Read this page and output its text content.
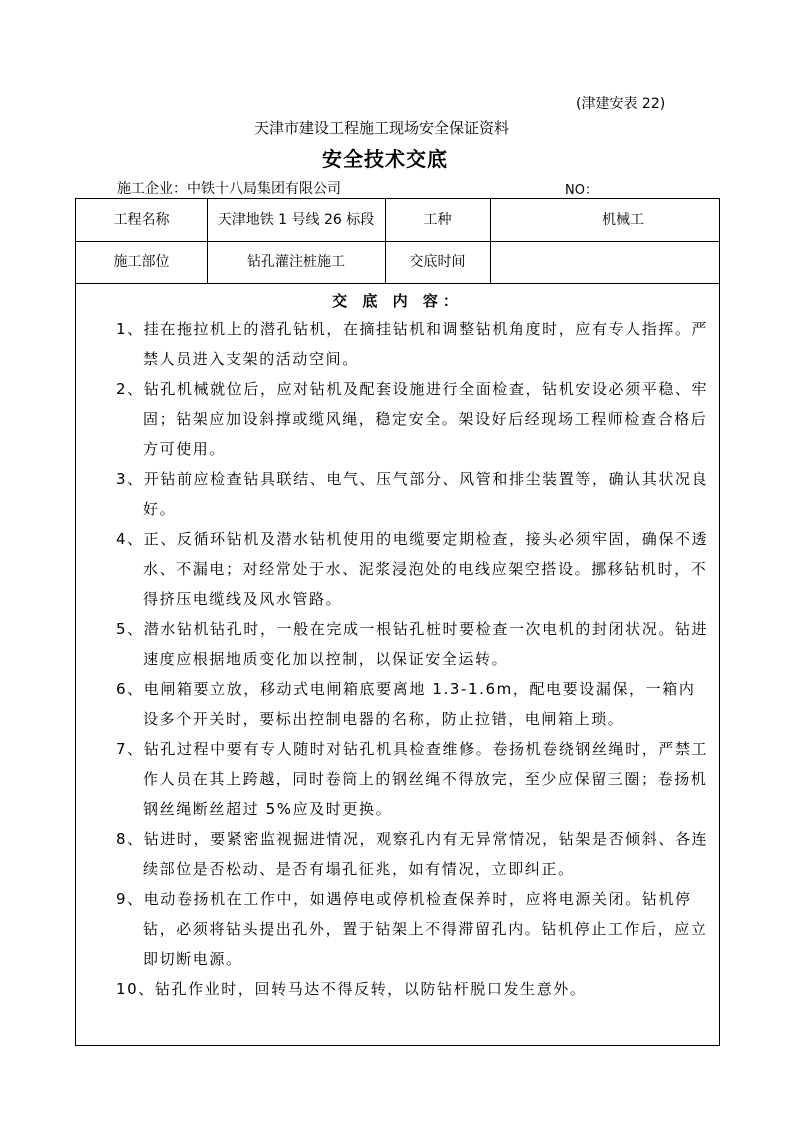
(津建安表 22)
天津市建设工程施工现场安全保证资料
安全技术交底
施工企业：中铁十八局集团有限公司	NO：
工程名称	天津地铁 1 号线 26 标段	工种	机械工
施工部位	钻孔灌注桩施工	交底时间
交 底 内 容：
1、挂在拖拉机上的潜孔钻机，在摘挂钻机和调整钻机角度时，应有专人指挥。严禁人员进入支架的活动空间。
2、钻孔机械就位后，应对钻机及配套设施进行全面检查，钻机安设必须平稳、牢固；钻架应加设斜撑或缆风绳，稳定安全。架设好后经现场工程师检查合格后方可使用。
3、开钻前应检查钻具联结、电气、压气部分、风管和排尘装置等，确认其状况良好。
4、正、反循环钻机及潜水钻机使用的电缆要定期检查，接头必须牢固，确保不透水、不漏电；对经常处于水、泥浆浸泡处的电线应架空搭设。挪移钻机时，不得挤压电缆线及风水管路。
5、潜水钻机钻孔时，一般在完成一根钻孔桩时要检查一次电机的封闭状况。钻进速度应根据地质变化加以控制，以保证安全运转。
6、电闸箱要立放，移动式电闸箱底要离地 1.3-1.6m，配电要设漏保，一箱内设多个开关时，要标出控制电器的名称，防止拉错，电闸箱上琐。
7、钻孔过程中要有专人随时对钻孔机具检查维修。卷扬机卷绕钢丝绳时，严禁工作人员在其上跨越，同时卷筒上的钢丝绳不得放完，至少应保留三圈；卷扬机钢丝绳断丝超过 5%应及时更换。
8、钻进时，要紧密监视掘进情况，观察孔内有无异常情况，钻架是否倾斜、各连续部位是否松动、是否有塌孔征兆，如有情况，立即纠正。
9、电动卷扬机在工作中，如遇停电或停机检查保养时，应将电源关闭。钻机停钻，必须将钻头提出孔外，置于钻架上不得滞留孔内。钻机停止工作后，应立即切断电源。
10、钻孔作业时，回转马达不得反转，以防钻杆脱口发生意外。
